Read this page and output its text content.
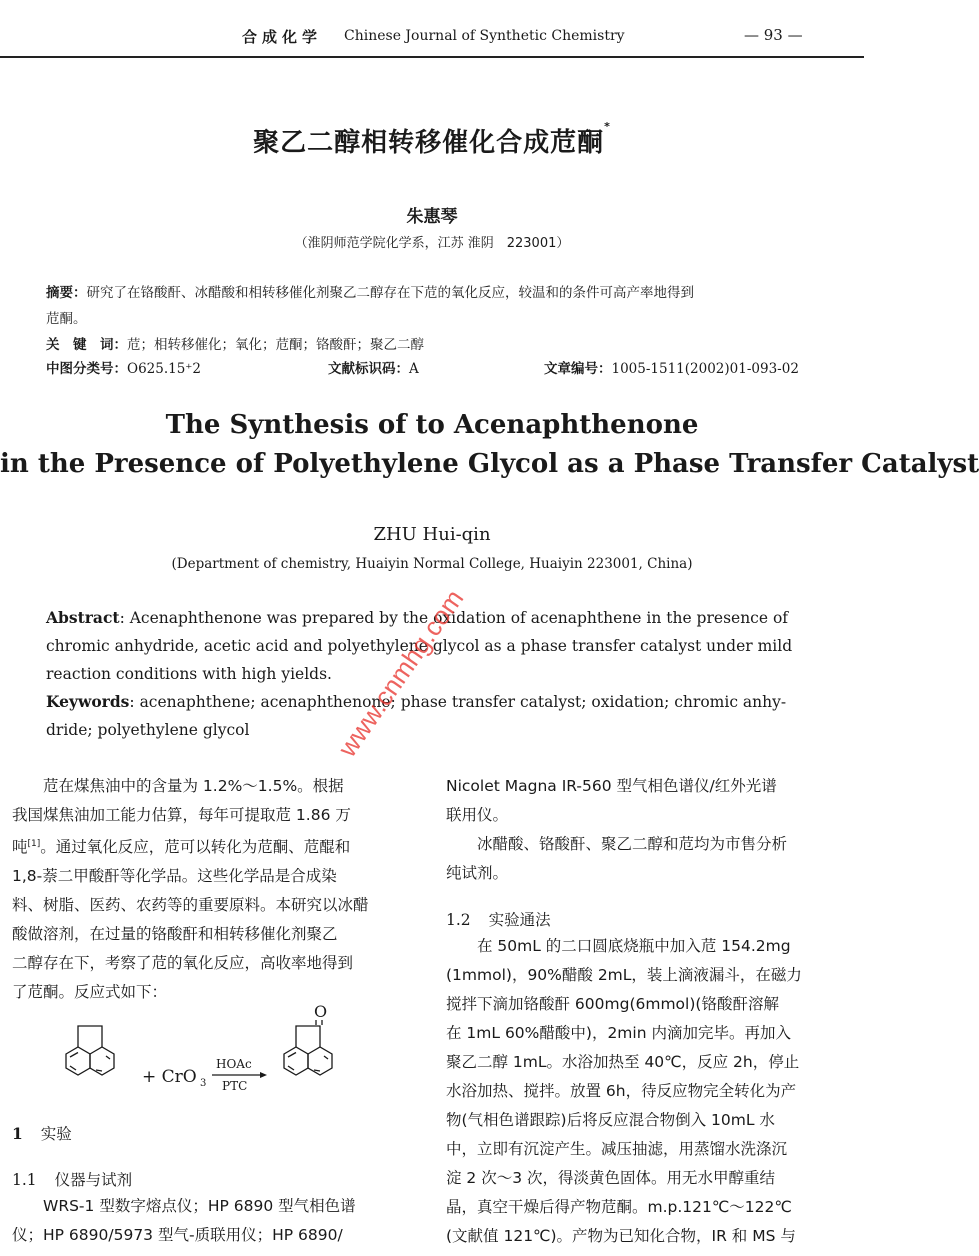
合成化学 Chinese Journal of Synthetic Chemistry	— 93 —
聚乙二醇相转移催化合成苊酮*
朱惠琴
（淮阴师范学院化学系，江苏 淮阴　223001）
摘要：研究了在铬酸酐、冰醋酸和相转移催化剂聚乙二醇存在下苊的氧化反应，较温和的条件可高产率地得到
苊酮。
关　键　词：苊；相转移催化；氧化；苊酮；铬酸酐；聚乙二醇
中图分类号：O625.15⁺2	文献标识码：A	文章编号：1005-1511(2002)01-093-02
The Synthesis of to Acenaphthenone
in the Presence of Polyethylene Glycol as a Phase Transfer Catalyst
ZHU Hui-qin
(Department of chemistry, Huaiyin Normal College, Huaiyin 223001, China)
Abstract: Acenaphthenone was prepared by the oxidation of acenaphthene in the presence of
chromic anhydride, acetic acid and polyethylene glycol as a phase transfer catalyst under mild
reaction conditions with high yields.
Keywords: acenaphthene; acenaphthenone; phase transfer catalyst; oxidation; chromic anhy-
dride; polyethylene glycol
　　苊在煤焦油中的含量为 1.2%～1.5%。根据
我国煤焦油加工能力估算，每年可提取苊 1.86 万
吨[1]。通过氧化反应，苊可以转化为苊酮、苊醌和
1,8-萘二甲酸酐等化学品。这些化学品是合成染
料、树脂、医药、农药等的重要原料。本研究以冰醋
酸做溶剂，在过量的铬酸酐和相转移催化剂聚乙
二醇存在下，考察了苊的氧化反应，高收率地得到
了苊酮。反应式如下：
+ CrO 3
HOAc
PTC
O
1 实验
1.1 仪器与试剂
　　WRS-1 型数字熔点仪；HP 6890 型气相色谱
仪；HP 6890/5973 型气-质联用仪；HP 6890/
Nicolet Magna IR-560 型气相色谱仪/红外光谱
联用仪。
　　冰醋酸、铬酸酐、聚乙二醇和苊均为市售分析
纯试剂。
1.2 实验通法
　　在 50mL 的二口圆底烧瓶中加入苊 154.2mg
(1mmol)，90%醋酸 2mL，装上滴液漏斗，在磁力
搅拌下滴加铬酸酐 600mg(6mmol)(铬酸酐溶解
在 1mL 60%醋酸中)，2min 内滴加完毕。再加入
聚乙二醇 1mL。水浴加热至 40℃，反应 2h，停止
水浴加热、搅拌。放置 6h，待反应物完全转化为产
物(气相色谱跟踪)后将反应混合物倒入 10mL 水
中，立即有沉淀产生。减压抽滤，用蒸馏水洗涤沉
淀 2 次～3 次，得淡黄色固体。用无水甲醇重结
晶，真空干燥后得产物苊酮。m.p.121℃～122℃
(文献值 121℃)。产物为已知化合物，IR 和 MS 与
www.cnmhg.com
